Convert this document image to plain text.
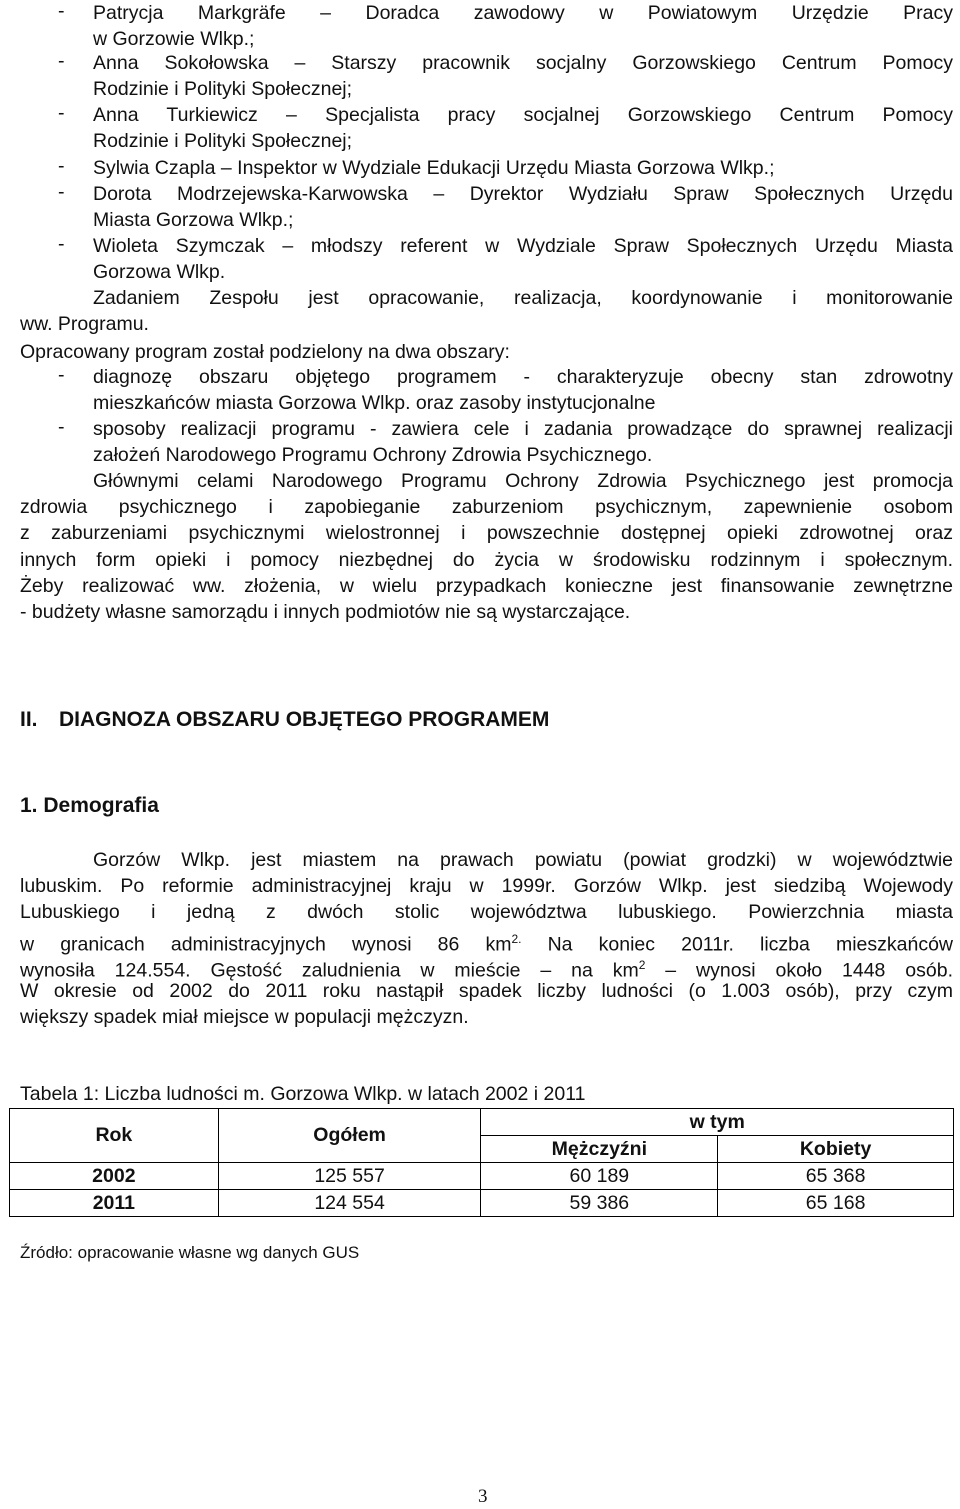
- Patrycja Markgräfe – Doradca zawodowy w Powiatowym Urzędzie Pracy
w Gorzowie Wlkp.;
- Anna Sokołowska – Starszy pracownik socjalny Gorzowskiego Centrum Pomocy
Rodzinie i Polityki Społecznej;
- Anna Turkiewicz – Specjalista pracy socjalnej Gorzowskiego Centrum Pomocy
Rodzinie i Polityki Społecznej;
- Sylwia Czapla – Inspektor w Wydziale Edukacji Urzędu Miasta Gorzowa Wlkp.;
- Dorota Modrzejewska-Karwowska – Dyrektor Wydziału Spraw Społecznych Urzędu
Miasta Gorzowa Wlkp.;
- Wioleta Szymczak – młodszy referent w Wydziale Spraw Społecznych Urzędu Miasta
Gorzowa Wlkp.
Zadaniem Zespołu jest opracowanie, realizacja, koordynowanie i monitorowanie
ww. Programu.
Opracowany program został podzielony na dwa obszary:
- diagnozę obszaru objętego programem - charakteryzuje obecny stan zdrowotny
mieszkańców miasta Gorzowa Wlkp. oraz zasoby instytucjonalne
- sposoby realizacji programu - zawiera cele i zadania prowadzące do sprawnej realizacji
założeń Narodowego Programu Ochrony Zdrowia Psychicznego.
Głównymi celami Narodowego Programu Ochrony Zdrowia Psychicznego jest promocja
zdrowia psychicznego i zapobieganie zaburzeniom psychicznym, zapewnienie osobom
z zaburzeniami psychicznymi wielostronnej i powszechnie dostępnej opieki zdrowotnej oraz
innych form opieki i pomocy niezbędnej do życia w środowisku rodzinnym i społecznym.
Żeby realizować ww. złożenia, w wielu przypadkach konieczne jest finansowanie zewnętrzne
- budżety własne samorządu i innych podmiotów nie są wystarczające.
II. DIAGNOZA OBSZARU OBJĘTEGO PROGRAMEM
1. Demografia
Gorzów Wlkp. jest miastem na prawach powiatu (powiat grodzki) w województwie
lubuskim. Po reformie administracyjnej kraju w 1999r. Gorzów Wlkp. jest siedzibą Wojewody
Lubuskiego i jedną z dwóch stolic województwa lubuskiego. Powierzchnia miasta
w granicach administracyjnych wynosi 86 $km^{2.}$ Na koniec 2011r. liczba mieszkańców
wynosiła 124.554. Gęstość zaludnienia w mieście – na $km^2$ – wynosi około 1448 osób.
W okresie od 2002 do 2011 roku nastąpił spadek liczby ludności (o 1.003 osób), przy czym
większy spadek miał miejsce w populacji mężczyzn.
Tabela 1: Liczba ludności m. Gorzowa Wlkp. w latach 2002 i 2011
Rok	Ogółem	w tym	
		Mężczyźni	Kobiety
2002	125 557	60 189	65 368
2011	124 554	59 386	65 168
Źródło: opracowanie własne wg danych GUS
3
